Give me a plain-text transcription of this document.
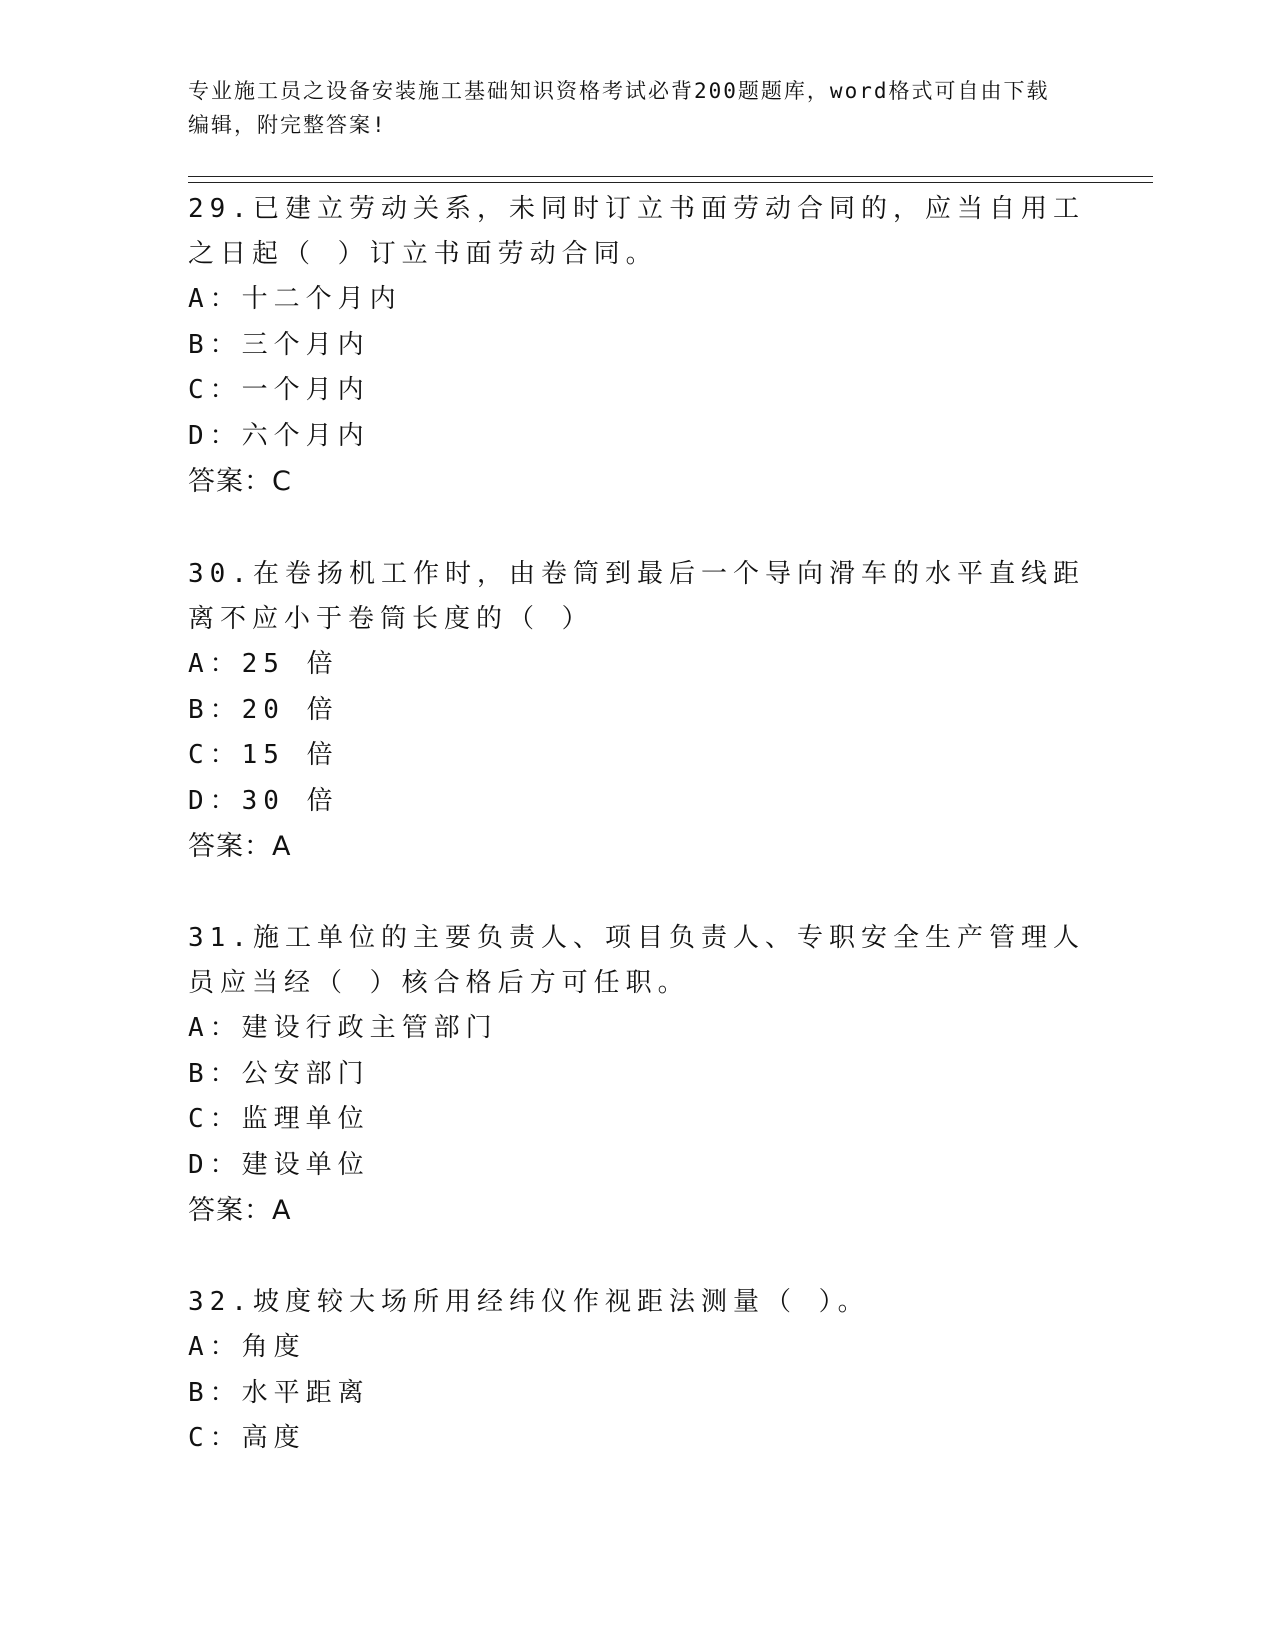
专业施工员之设备安装施工基础知识资格考试必背200题题库，word格式可自由下载编辑，附完整答案!

29.已建立劳动关系，未同时订立书面劳动合同的，应当自用工之日起（ ）订立书面劳动合同。

A：十二个月内

B：三个月内

C：一个月内

D：六个月内

答案：C

30.在卷扬机工作时，由卷筒到最后一个导向滑车的水平直线距离不应小于卷筒长度的（ ）

A：25 倍

B：20 倍

C：15 倍

D：30 倍

答案：A

31.施工单位的主要负责人、项目负责人、专职安全生产管理人员应当经（ ）核合格后方可任职。

A：建设行政主管部门

B：公安部门

C：监理单位

D：建设单位

答案：A

32.坡度较大场所用经纬仪作视距法测量（ ）。

A：角度

B：水平距离

C：高度
